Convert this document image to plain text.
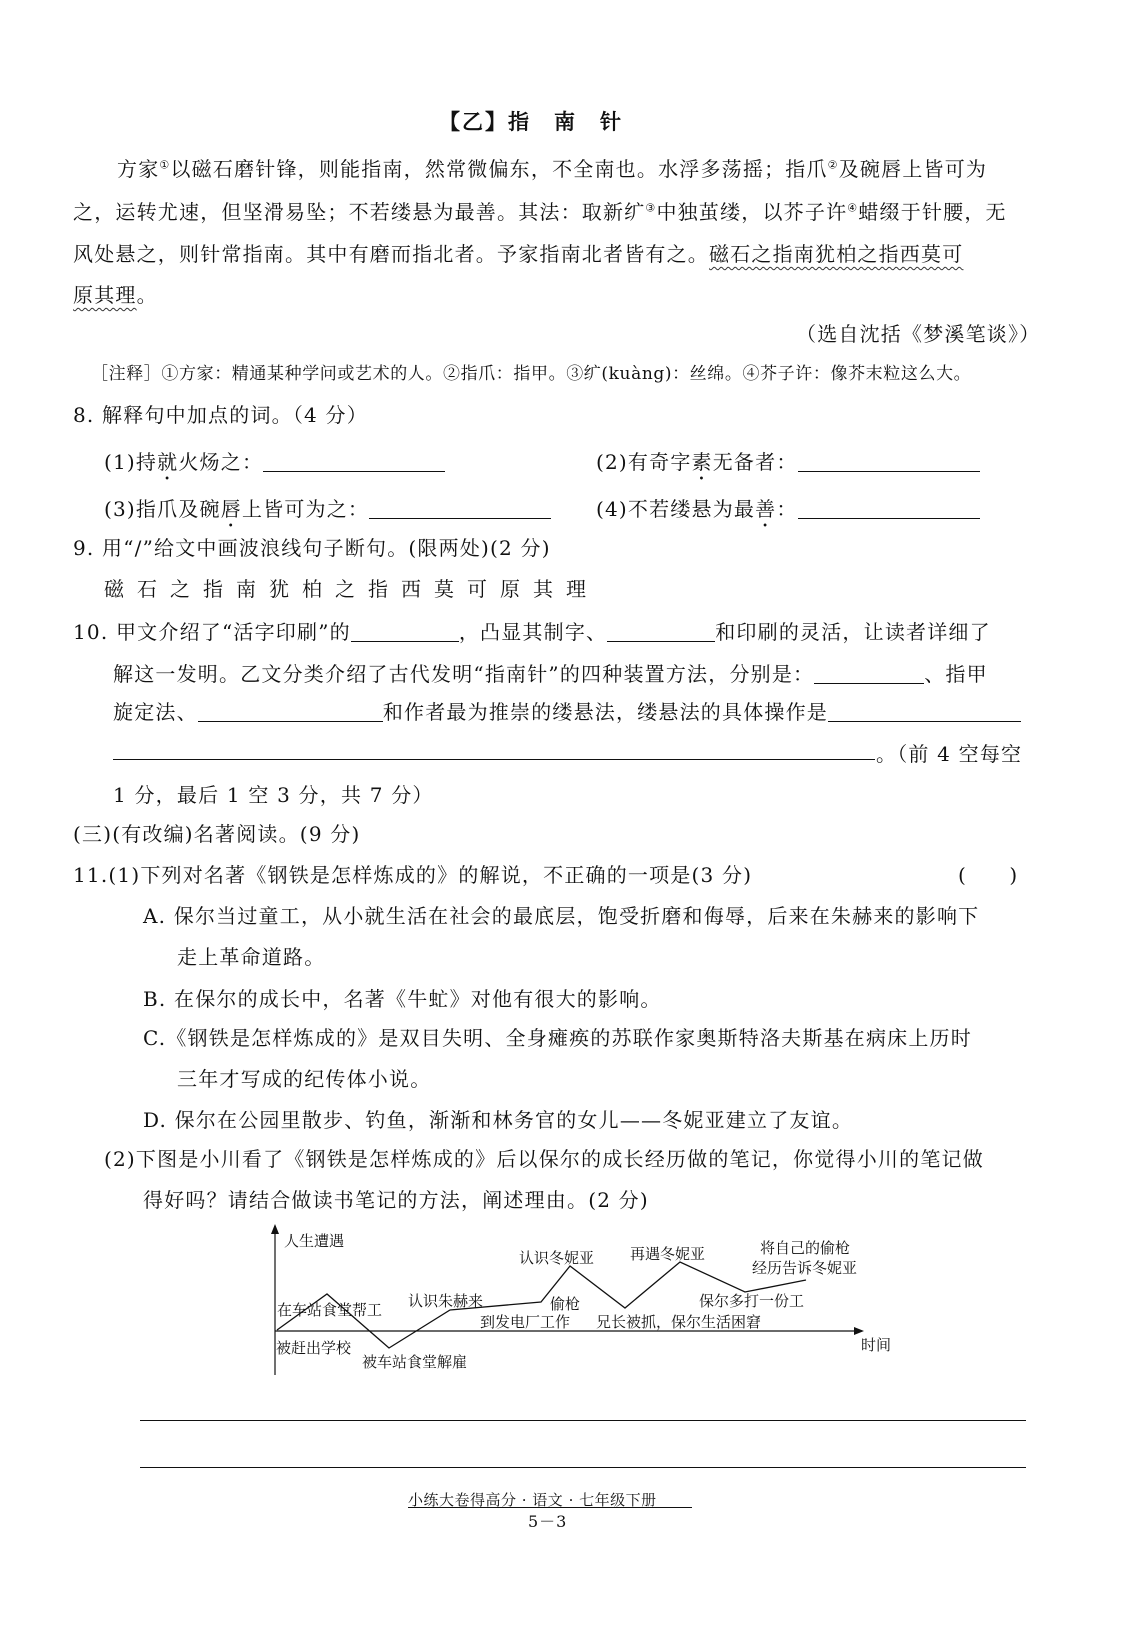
【乙】指　南　针
方家①以磁石磨针锋，则能指南，然常微偏东，不全南也。水浮多荡摇；指爪②及碗唇上皆可为
之，运转尤速，但坚滑易坠；不若缕悬为最善。其法：取新纩③中独茧缕，以芥子许④蜡缀于针腰，无
风处悬之，则针常指南。其中有磨而指北者。予家指南北者皆有之。磁石之指南犹柏之指西莫可
原其理。
（选自沈括《梦溪笔谈》）
［注释］①方家：精通某种学问或艺术的人。②指爪：指甲。③纩(kuàng)：丝绵。④芥子许：像芥末粒这么大。
8. 解释句中加点的词。（4 分）
(1)持就火炀之：	(2)有奇字素无备者：
(3)指爪及碗唇上皆可为之：	(4)不若缕悬为最善：
9. 用“/”给文中画波浪线句子断句。(限两处)(2 分)
磁石之指南犹柏之指西莫可原其理
10. 甲文介绍了“活字印刷”的	，凸显其制字、	和印刷的灵活，让读者详细了
解这一发明。乙文分类介绍了古代发明“指南针”的四种装置方法，分别是：	、指甲
旋定法、	和作者最为推崇的缕悬法，缕悬法的具体操作是
。（前 4 空每空
1 分，最后 1 空 3 分，共 7 分）
(三)(有改编)名著阅读。(9 分)
11.(1)下列对名著《钢铁是怎样炼成的》的解说，不正确的一项是(3 分)	(　　)
A. 保尔当过童工，从小就生活在社会的最底层，饱受折磨和侮辱，后来在朱赫来的影响下
走上革命道路。
B. 在保尔的成长中，名著《牛虻》对他有很大的影响。
C.《钢铁是怎样炼成的》是双目失明、全身瘫痪的苏联作家奥斯特洛夫斯基在病床上历时
三年才写成的纪传体小说。
D. 保尔在公园里散步、钓鱼，渐渐和林务官的女儿——冬妮亚建立了友谊。
(2)下图是小川看了《钢铁是怎样炼成的》后以保尔的成长经历做的笔记，你觉得小川的笔记做
得好吗？请结合做读书笔记的方法，阐述理由。(2 分)
人生遭遇
时间
被赶出学校
在车站食堂帮工
被车站食堂解雇
认识朱赫来
到发电厂工作
偷枪
认识冬妮亚
兄长被抓，保尔生活困窘
再遇冬妮亚
保尔多打一份工
将自己的偷枪
经历告诉冬妮亚
小练大卷得高分 · 语文 · 七年级下册
5－3
